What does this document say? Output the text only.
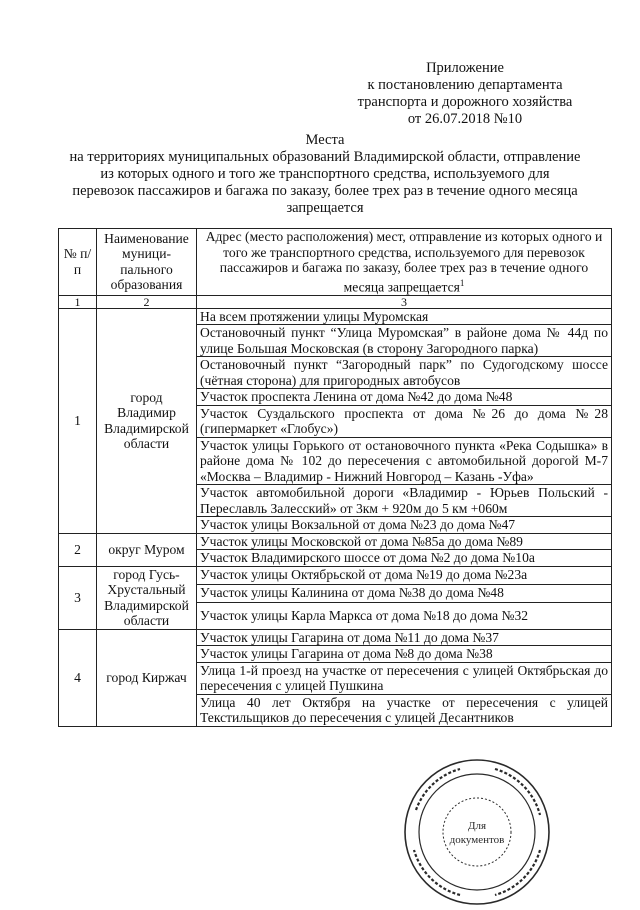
Приложение
к постановлению департамента
транспорта и дорожного хозяйства
от 26.07.2018 №10
Места
на территориях муниципальных образований Владимирской области, отправление
из которых одного и того же транспортного средства, используемого для
перевозок пассажиров и багажа по заказу, более трех раз в течение одного месяца
запрещается
№ п/п	Наименование муници-пального образования	Адрес (место расположения) мест, отправление из которых одного и того же транспортного средства, используемого для перевозок пассажиров и багажа по заказу, более трех раз в течение одного месяца запрещается$^1$
1	2	3
1	город Владимир Владимирской области	На всем протяжении улицы Муромская
		Остановочный пункт “Улица Муромская” в районе дома № 44д по улице Большая Московская (в сторону Загородного парка)
		Остановочный пункт “Загородный парк” по Судогодскому шоссе (чётная сторона) для пригородных автобусов
		Участок проспекта Ленина от дома №42 до дома №48
		Участок Суздальского проспекта от дома №26 до дома №28 (гипермаркет «Глобус»)
		Участок улицы Горького от остановочного пункта «Река Содышка» в районе дома № 102 до пересечения с автомобильной дорогой М-7 «Москва – Владимир - Нижний Новгород – Казань -Уфа»
		Участок автомобильной дороги «Владимир - Юрьев Польский - Переславль Залесский» от 3км + 920м до 5 км +060м
		Участок улицы Вокзальной от дома №23 до дома №47
2	округ Муром	Участок улицы Московской от дома №85а до дома №89
		Участок Владимирского шоссе от дома №2 до дома №10а
3	город Гусь-Хрустальный Владимирской области	Участок улицы Октябрьской от дома №19 до дома №23а
		Участок улицы Калинина от дома №38 до дома №48
		Участок улицы Карла Маркса от дома №18 до дома №32
4	город Киржач	Участок улицы Гагарина от дома №11 до дома №37
		Участок улицы Гагарина от дома №8 до дома №38
		Улица 1-й проезд на участке от пересечения с улицей Октябрьская до пересечения с улицей Пушкина
		Улица 40 лет Октября на участке от пересечения с улицей Текстильщиков до пересечения с улицей Десантников
Для
документов
